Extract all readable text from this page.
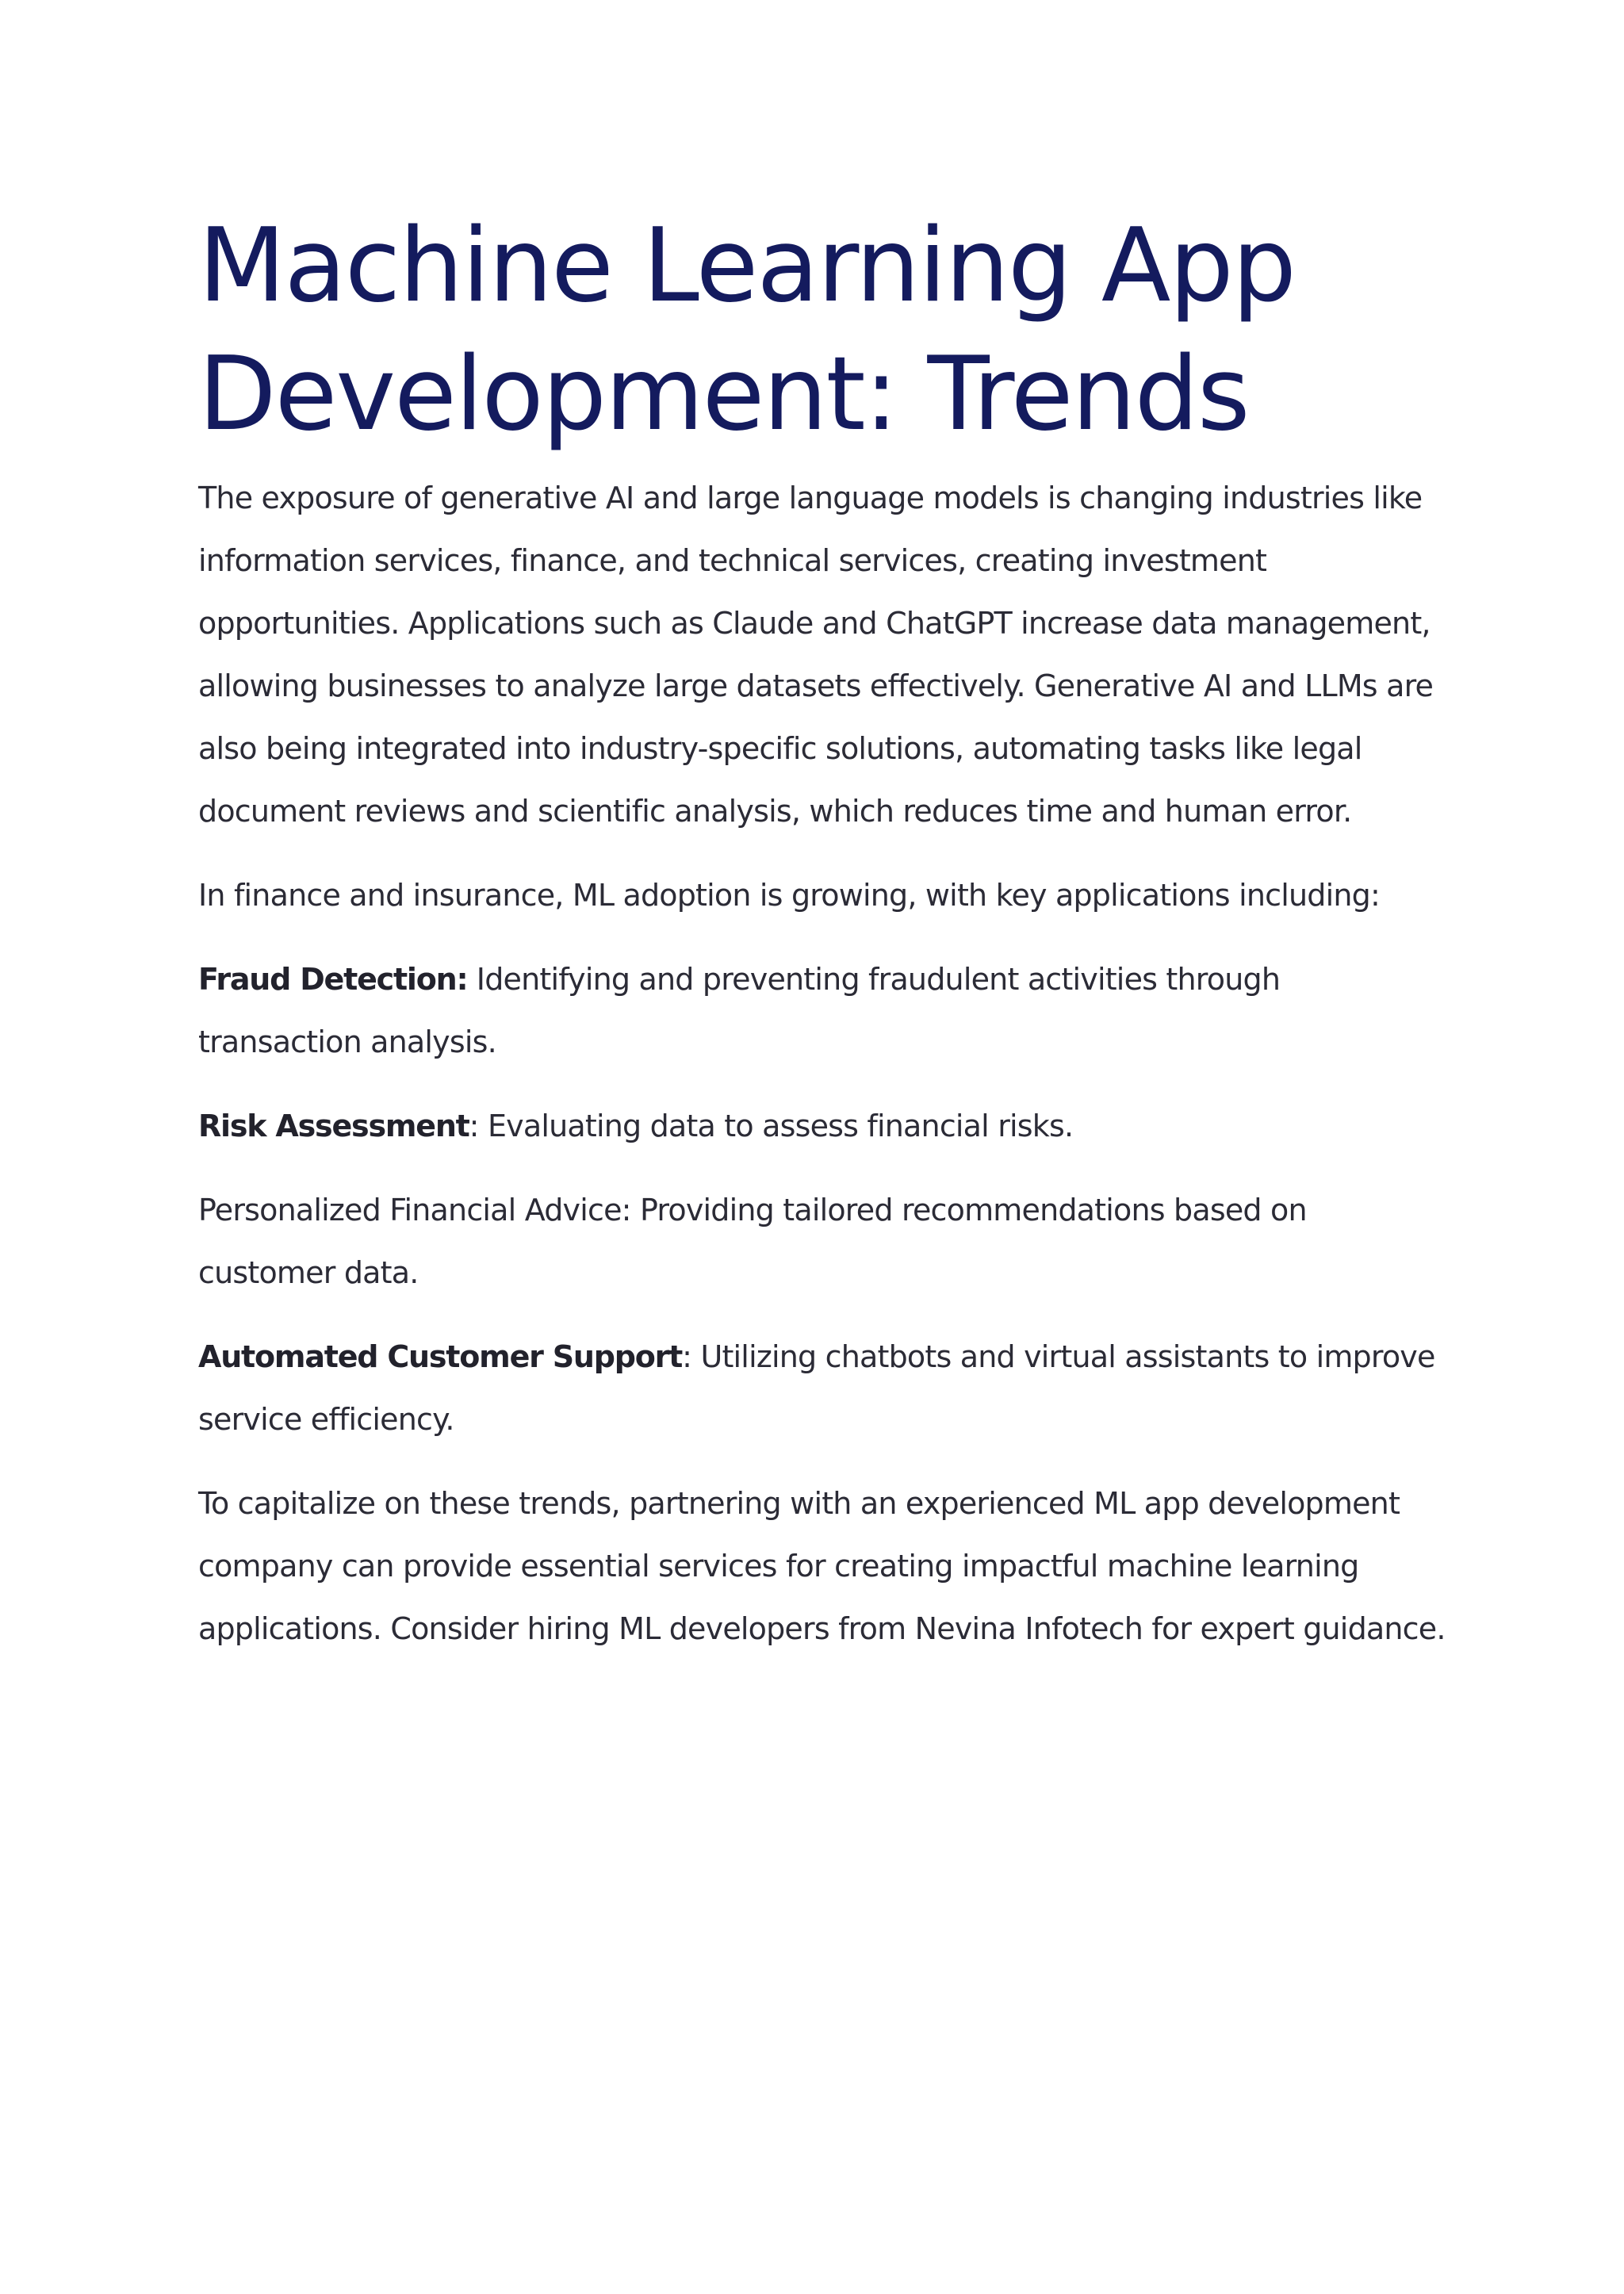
Machine Learning App
Development: Trends

The exposure of generative AI and large language models is changing industries like information services, finance, and technical services, creating investment opportunities. Applications such as Claude and ChatGPT increase data management, allowing businesses to analyze large datasets effectively. Generative AI and LLMs are also being integrated into industry-specific solutions, automating tasks like legal document reviews and scientific analysis, which reduces time and human error.

In finance and insurance, ML adoption is growing, with key applications including:

Fraud Detection: Identifying and preventing fraudulent activities through transaction analysis.

Risk Assessment: Evaluating data to assess financial risks.

Personalized Financial Advice: Providing tailored recommendations based on customer data.

Automated Customer Support: Utilizing chatbots and virtual assistants to improve service efficiency.

To capitalize on these trends, partnering with an experienced ML app development company can provide essential services for creating impactful machine learning applications. Consider hiring ML developers from Nevina Infotech for expert guidance.
